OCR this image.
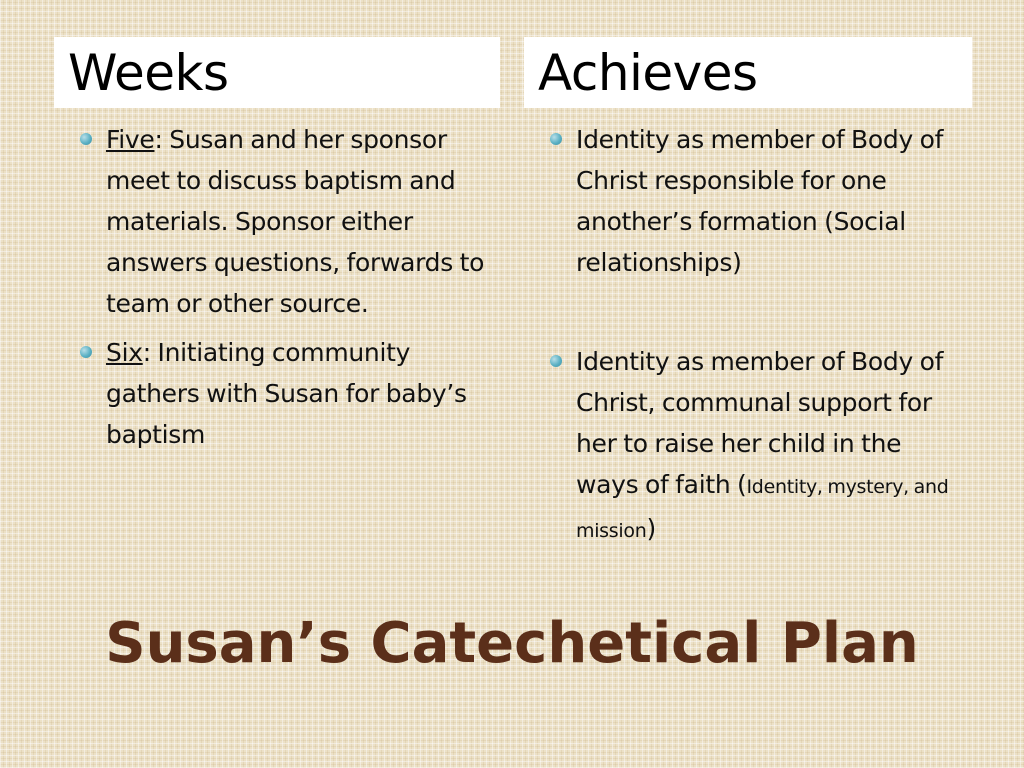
Weeks	Achieves
Five: Susan and her sponsor meet to discuss baptism and materials. Sponsor either answers questions, forwards to team or other source.
Six: Initiating community gathers with Susan for baby’s baptism
Identity as member of Body of Christ responsible for one another’s formation (Social relationships)
Identity as member of Body of Christ, communal support for her to raise her child in the ways of faith (Identity, mystery, and mission)
Susan’s Catechetical Plan
